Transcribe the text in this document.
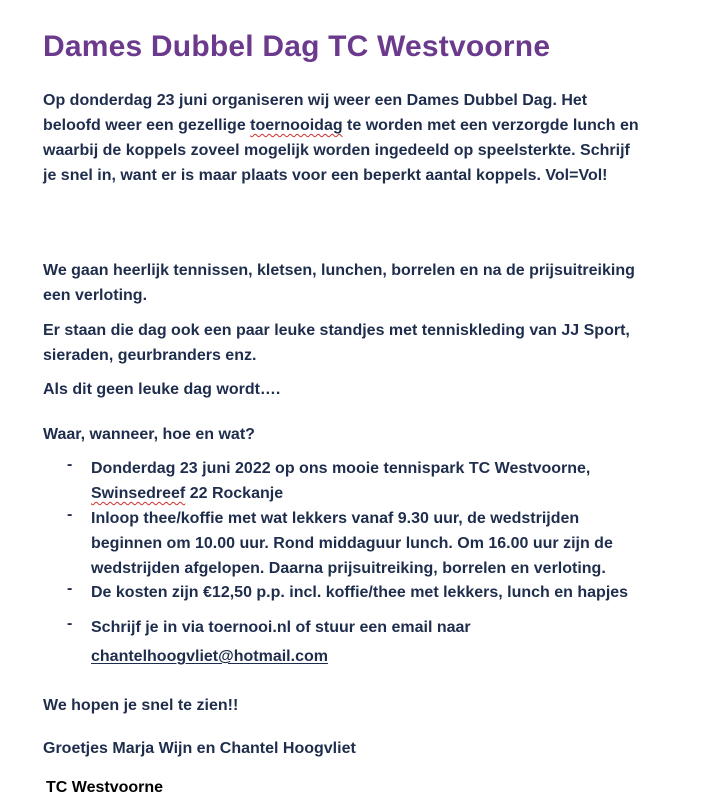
Dames Dubbel Dag TC Westvoorne

Op donderdag 23 juni organiseren wij weer een Dames Dubbel Dag. Het beloofd weer een gezellige toernooidag te worden met een verzorgde lunch en waarbij de koppels zoveel mogelijk worden ingedeeld op speelsterkte. Schrijf je snel in, want er is maar plaats voor een beperkt aantal koppels. Vol=Vol!

We gaan heerlijk tennissen, kletsen, lunchen, borrelen en na de prijsuitreiking een verloting.

Er staan die dag ook een paar leuke standjes met tenniskleding van JJ Sport, sieraden, geurbranders enz.

Als dit geen leuke dag wordt….

Waar, wanneer, hoe en wat?

- Donderdag 23 juni 2022 op ons mooie tennispark TC Westvoorne,
Swinsedreef 22 Rockanje

- Inloop thee/koffie met wat lekkers vanaf 9.30 uur, de wedstrijden beginnen om 10.00 uur. Rond middaguur lunch. Om 16.00 uur zijn de wedstrijden afgelopen. Daarna prijsuitreiking, borrelen en verloting.

- De kosten zijn €12,50 p.p. incl. koffie/thee met lekkers, lunch en hapjes

- Schrijf je in via toernooi.nl of stuur een email naar

chantelhoogvliet@hotmail.com

We hopen je snel te zien!!

Groetjes Marja Wijn en Chantel Hoogvliet

TC Westvoorne
